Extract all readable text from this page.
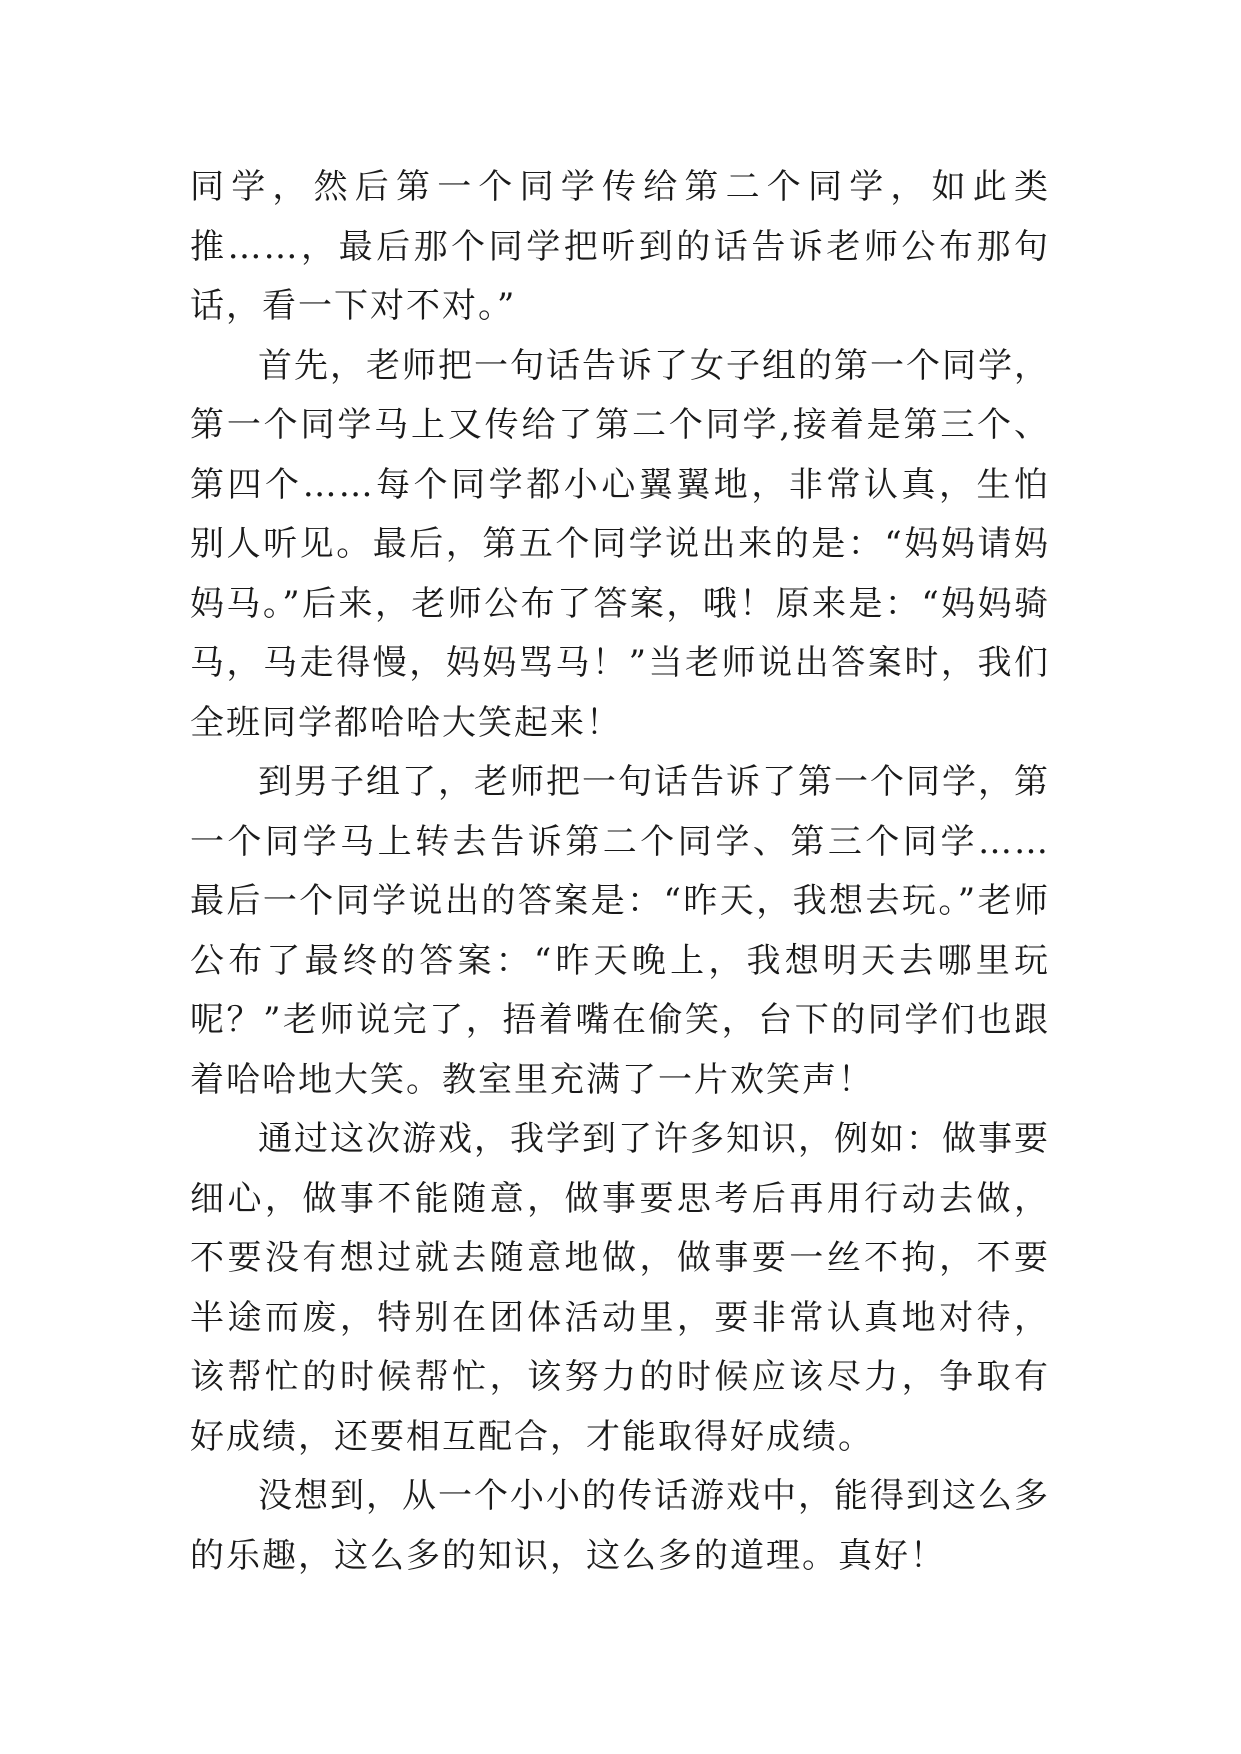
同学，然后第一个同学传给第二个同学，如此类推……，最后那个同学把听到的话告诉老师公布那句话，看一下对不对。”

首先，老师把一句话告诉了女子组的第一个同学，第一个同学马上又传给了第二个同学,接着是第三个、第四个……每个同学都小心翼翼地，非常认真，生怕别人听见。最后，第五个同学说出来的是：“妈妈请妈妈马。”后来，老师公布了答案，哦！原来是：“妈妈骑马，马走得慢，妈妈骂马！”当老师说出答案时，我们全班同学都哈哈大笑起来！

到男子组了，老师把一句话告诉了第一个同学，第一个同学马上转去告诉第二个同学、第三个同学……最后一个同学说出的答案是：“昨天，我想去玩。”老师公布了最终的答案：“昨天晚上，我想明天去哪里玩呢？”老师说完了，捂着嘴在偷笑，台下的同学们也跟着哈哈地大笑。教室里充满了一片欢笑声！

通过这次游戏，我学到了许多知识，例如：做事要细心，做事不能随意，做事要思考后再用行动去做，不要没有想过就去随意地做，做事要一丝不拘，不要半途而废，特别在团体活动里，要非常认真地对待，该帮忙的时候帮忙，该努力的时候应该尽力，争取有好成绩，还要相互配合，才能取得好成绩。

没想到，从一个小小的传话游戏中，能得到这么多的乐趣，这么多的知识，这么多的道理。真好！
